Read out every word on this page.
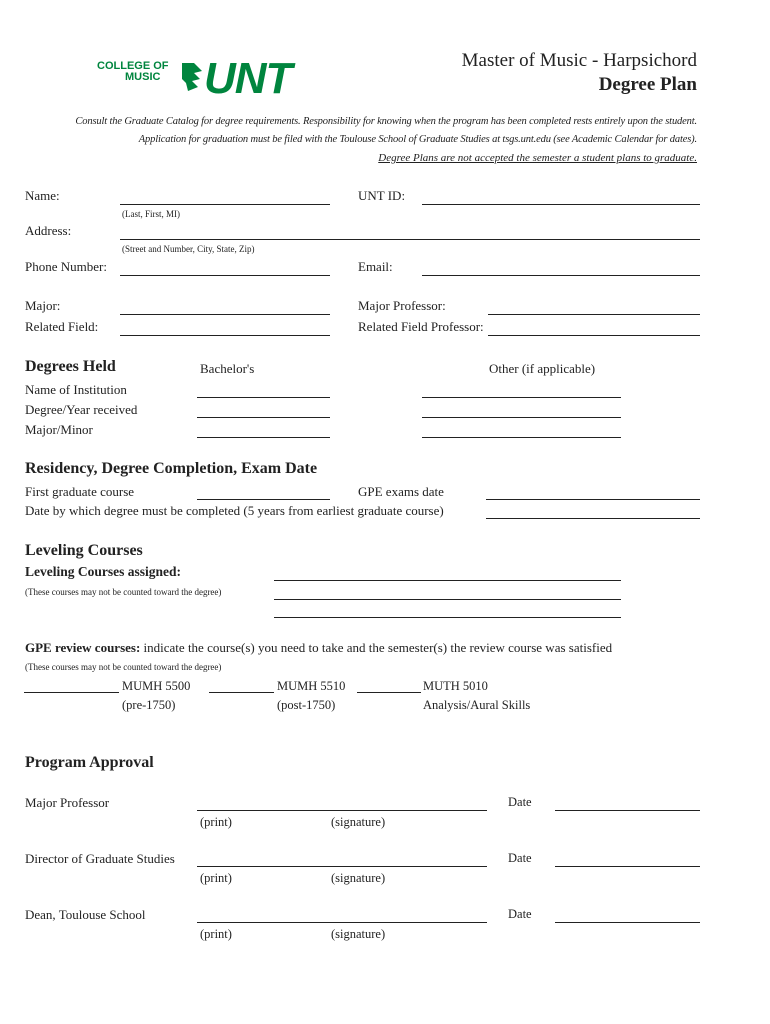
COLLEGE OF
MUSIC UNT	Master of Music - Harpsichord
Degree Plan
Consult the Graduate Catalog for degree requirements. Responsibility for knowing when the program has been completed rests entirely upon the student.
Application for graduation must be filed with the Toulouse School of Graduate Studies at tsgs.unt.edu (see Academic Calendar for dates).
Degree Plans are not accepted the semester a student plans to graduate.
Name:
(Last, First, MI)
UNT ID:
Address:
(Street and Number, City, State, Zip)
Phone Number:	Email:
Major:	Major Professor:
Related Field:	Related Field Professor:
Degrees Held	Bachelor's	Other (if applicable)
Name of Institution
Degree/Year received
Major/Minor
Residency, Degree Completion, Exam Date
First graduate course	GPE exams date
Date by which degree must be completed (5 years from earliest graduate course)
Leveling Courses
Leveling Courses assigned:
(These courses may not be counted toward the degree)
GPE review courses: indicate the course(s) you need to take and the semester(s) the review course was satisfied
(These courses may not be counted toward the degree)
MUMH 5500
(pre-1750)
MUMH 5510
(post-1750)
MUTH 5010
Analysis/Aural Skills
Program Approval
Major Professor	Date
(print)	(signature)
Director of Graduate Studies	Date
(print)	(signature)
Dean, Toulouse School	Date
(print)	(signature)
